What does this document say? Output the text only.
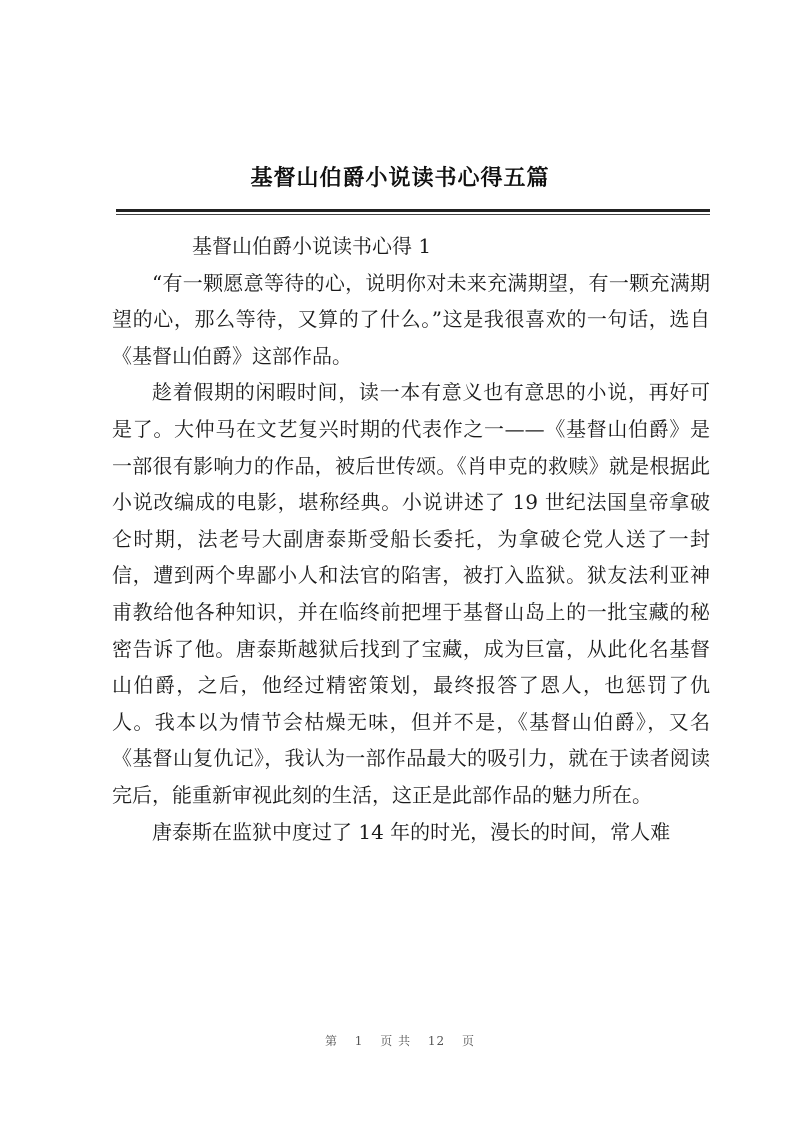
基督山伯爵小说读书心得五篇

基督山伯爵小说读书心得 1

“有一颗愿意等待的心，说明你对未来充满期望，有一颗充满期望的心，那么等待，又算的了什么。”这是我很喜欢的一句话，选自《基督山伯爵》这部作品。

趁着假期的闲暇时间，读一本有意义也有意思的小说，再好可是了。大仲马在文艺复兴时期的代表作之一——《基督山伯爵》是一部很有影响力的作品，被后世传颂。《肖申克的救赎》就是根据此小说改编成的电影，堪称经典。小说讲述了 19 世纪法国皇帝拿破仑时期，法老号大副唐泰斯受船长委托，为拿破仑党人送了一封信，遭到两个卑鄙小人和法官的陷害，被打入监狱。狱友法利亚神甫教给他各种知识，并在临终前把埋于基督山岛上的一批宝藏的秘密告诉了他。唐泰斯越狱后找到了宝藏，成为巨富，从此化名基督山伯爵，之后，他经过精密策划，最终报答了恩人，也惩罚了仇人。我本以为情节会枯燥无味，但并不是，《基督山伯爵》，又名《基督山复仇记》，我认为一部作品最大的吸引力，就在于读者阅读完后，能重新审视此刻的生活，这正是此部作品的魅力所在。

唐泰斯在监狱中度过了 14 年的时光，漫长的时间，常人难

第 1 页 共 12 页
